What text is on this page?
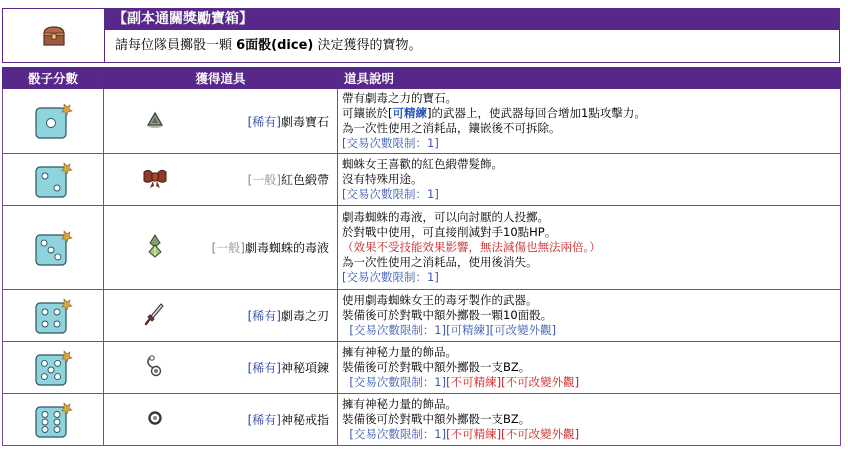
【副本通關獎勵寶箱】
請每位隊員擲骰一顆 6面骰(dice) 決定獲得的寶物。
骰子分數	獲得道具		道具說明
		[稀有]劇毒寶石	帶有劇毒之力的寶石。
可鑲嵌於[可精練]的武器上，使武器每回合增加1點攻擊力。
為一次性使用之消耗品，鑲嵌後不可拆除。
[交易次數限制：1]

		[一般]紅色緞帶	蜘蛛女王喜歡的紅色緞帶髮飾。
沒有特殊用途。
[交易次數限制：1]

		[一般]劇毒蜘蛛的毒液	劇毒蜘蛛的毒液，可以向討厭的人投擲。
於對戰中使用，可直接削減對手10點HP。
（效果不受技能效果影響，無法減傷也無法兩倍。）
為一次性使用之消耗品，使用後消失。
[交易次數限制：1]

		[稀有]劇毒之刃	使用劇毒蜘蛛女王的毒牙製作的武器。
裝備後可於對戰中額外擲骰一顆10面骰。
[交易次數限制：1][可精練][可改變外觀]

		[稀有]神秘項鍊	擁有神秘力量的飾品。
裝備後可於對戰中額外擲骰一支BZ。
[交易次數限制：1][不可精練][不可改變外觀]

		[稀有]神秘戒指	擁有神秘力量的飾品。
裝備後可於對戰中額外擲骰一支BZ。
[交易次數限制：1][不可精練][不可改變外觀]
